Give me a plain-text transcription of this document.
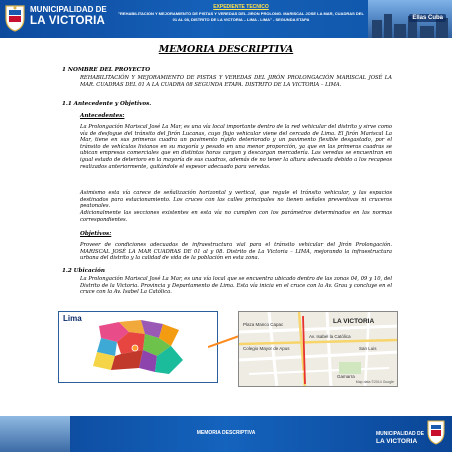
MUNICIPALIDAD DE
LA VICTORIA
EXPEDIENTE TECNICO
"REHABILITACION Y MEJORAMIENTO DE PISTAS Y VEREDAS DEL JIRON PROLONG. MARISCAL JOSE LA MAR, CUADRAS DEL 01 AL 08, DISTRITO DE LA VICTORIA – LIMA - LIMA" - SEGUNDA ETAPA	Ellas Cuba
MEMORIA DESCRIPTIVA
1 NOMBRE DEL PROYECTO
REHABILITACIÓN Y MEJORAMIENTO DE PISTAS Y VEREDAS DEL JIRÓN PROLONGACIÓN MARISCAL JOSÉ LA MAR. CUADRAS DEL 01 A LA CUADRA 08 SEGUNDA ETAPA. DISTRITO DE LA VICTORIA – LIMA.
1.1 Antecedente y Objetivos.
Antecedentes:
La Prolongación Mariscal José La Mar, es una vía local importante dentro de la red vehicular del distrito y sirve como vía de desfogue del tránsito del Jirón Lucanas, cuyo flujo vehicular viene del cercado de Lima. El Jirón Mariscal La Mar, tiene en sus primeras cuadra un pavimento rígido deteriorado y un pavimento flexible desgastado, por el tránsito de vehículos livianos en su mayoría y pesado en una menor proporción, ya que en las primeras cuadras se ubican empresas comerciales que en distintas horas cargan y descargan mercadería. Las veredas se encuentran en igual estado de deterioro en la mayoría de sus cuadras, además de no tener la altura adecuada debido a los recapeos realizados anteriormente, quitándole el espesor adecuado para veredas.
Asimismo esta vía carece de señalización horizontal y vertical, que regule el tránsito vehicular, y las espacios destinados para estacionamiento. Los cruces con las calles principales no tienen señales preventivas ni cruceros peatonales.
Adicionalmente las secciones existentes en esta vía no cumplen con los parámetros determinados en las normas correspondientes.
Objetivos:
Proveer de condiciones adecuadas de infraestructura vial para el tránsito vehicular del Jirón Prolongación. MARISCAL JOSÉ LA MAR CUADRAS DE 01 al y 08. Distrito de La Victoria – LIMA, mejorando la infraestructura urbana del distrito y la calidad de vida de la población en esta zona.
1.2 Ubicación
La Prolongación Mariscal José La Mar, es una vía local que se encuentra ubicado dentro de las zonas 04, 09 y 10, del Distrito de la Victoria. Provincia y Departamento de Lima. Esta vía inicia en el cruce con la Av. Grau y concluye en el cruce con la Av. Isabel La Católica.
Lima
Plaza Manco Capac
Av. Isabel la Católica
Colegio Mayor de Apus
LA VICTORIA
San Luis
Gamarra
Map data ©2014 Google
MEMORIA DESCRIPTIVA	MUNICIPALIDAD DE
LA VICTORIA
